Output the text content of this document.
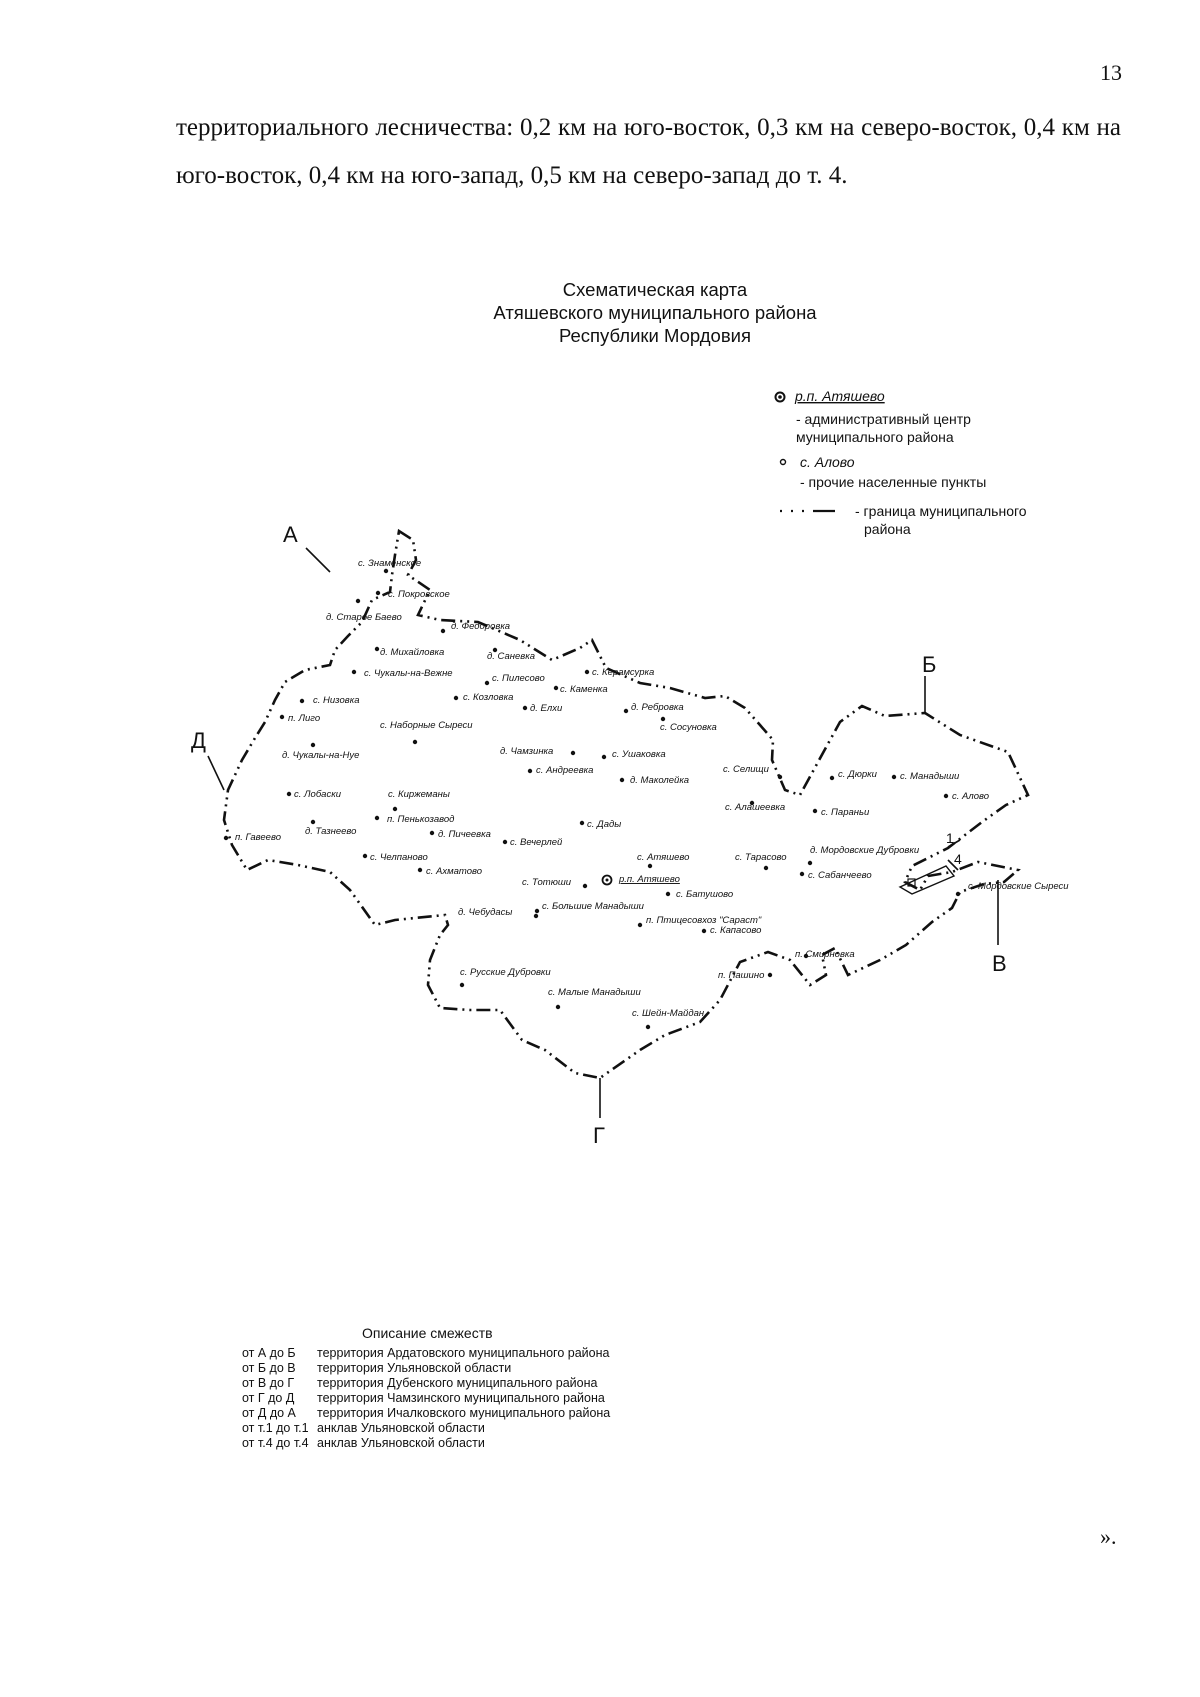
13

территориального лесничества: 0,2 км на юго-восток, 0,3 км на северо-восток, 0,4 км на юго-восток, 0,4 км на юго-запад, 0,5 км на северо-запад до т. 4.

Схематическая карта
Атяшевского муниципального района
Республики Мордовия
А
Б
В
Г
Д
1
4
р.п. Атяшево
- административный центр
муниципального района
с. Алово
- прочие населенные пункты
- граница муниципального
района
с. Знаменское
с. Покровское
д. Старое Баево
д. Федоровка
д. Михайловка	д. Саневка
с. Керамсурка
с. Чукалы-на-Вежне	с. Пилесово
с. Каменка
с. Низовка	с. Козловка
д. Елхи	д. Ребровка
п. Лиго
с. Наборные Сыреси	с. Сосуновка
д. Чукалы-на-Нуе	д. Чамзинка	с. Ушаковка
с. Андреевка
д. Маколейка
с. Селищи	с. Дюрки с. Манадыши
с. Лобаски	с. Киржеманы
с. Алашеевка	с. Параньи
с. Алово
п. Пенькозавод
д. Тазнеево	д. Пичеевка
с. Дады
п. Гавеево	с. Вечерлей
с. Челпаново	с. Атяшево	с. Тарасово
д. Мордовские Дубровки
с. Ахматово	с. Сабанчеево
с. Тотюши	р.п. Атяшево
с. Мордовские Сыреси
с. Батушово
с. Большие Манадыши
д. Чебудасы
п. Птицесовхоз "Сараст"
с. Капасово
п. Смирновка
с. Русские Дубровки	п. Пашино
с. Малые Манадыши
с. Шейн-Майдан
Описание смежеств
от А до Б	территория Ардатовского муниципального района
от Б до В	территория Ульяновской области
от В до Г	территория Дубенского муниципального района
от Г до Д	территория Чамзинского муниципального района
от Д до А	территория Ичалковского муниципального района
от т.1 до т.1 анклав Ульяновской области
от т.4 до т.4 анклав Ульяновской области
».
